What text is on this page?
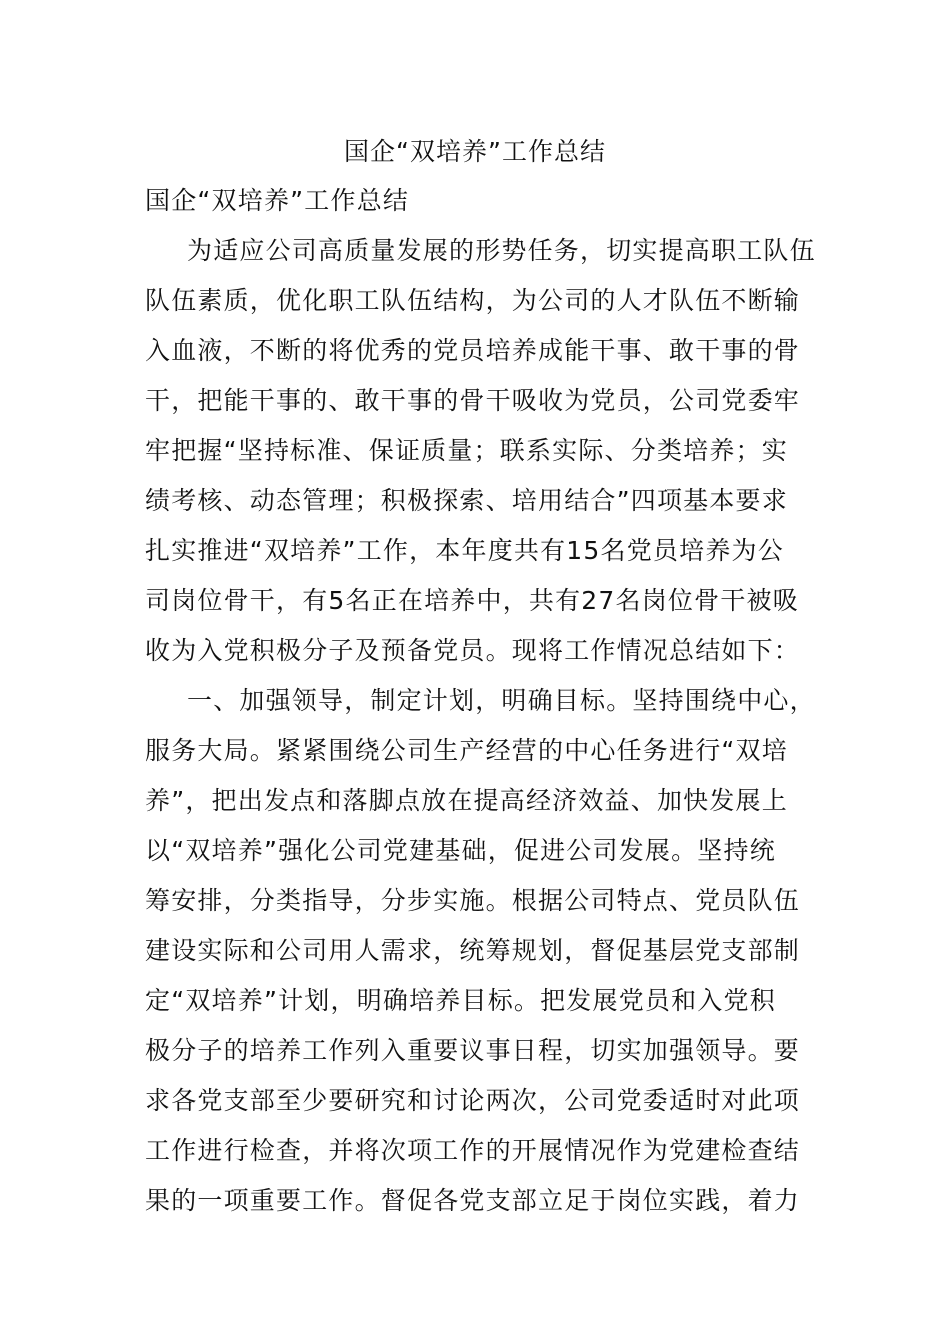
国企“双培养”工作总结
国企“双培养”工作总结
为适应公司高质量发展的形势任务，切实提高职工队伍
队伍素质，优化职工队伍结构，为公司的人才队伍不断输
入血液，不断的将优秀的党员培养成能干事、敢干事的骨
干，把能干事的、敢干事的骨干吸收为党员，公司党委牢
牢把握“坚持标准、保证质量；联系实际、分类培养；实
绩考核、动态管理；积极探索、培用结合”四项基本要求
扎实推进“双培养”工作，本年度共有15名党员培养为公
司岗位骨干，有5名正在培养中，共有27名岗位骨干被吸
收为入党积极分子及预备党员。现将工作情况总结如下：
一、加强领导，制定计划，明确目标。坚持围绕中心，
服务大局。紧紧围绕公司生产经营的中心任务进行“双培
养”，把出发点和落脚点放在提高经济效益、加快发展上
以“双培养”强化公司党建基础，促进公司发展。坚持统
筹安排，分类指导，分步实施。根据公司特点、党员队伍
建设实际和公司用人需求，统筹规划，督促基层党支部制
定“双培养”计划，明确培养目标。把发展党员和入党积
极分子的培养工作列入重要议事日程，切实加强领导。要
求各党支部至少要研究和讨论两次，公司党委适时对此项
工作进行检查，并将次项工作的开展情况作为党建检查结
果的一项重要工作。督促各党支部立足于岗位实践，着力
